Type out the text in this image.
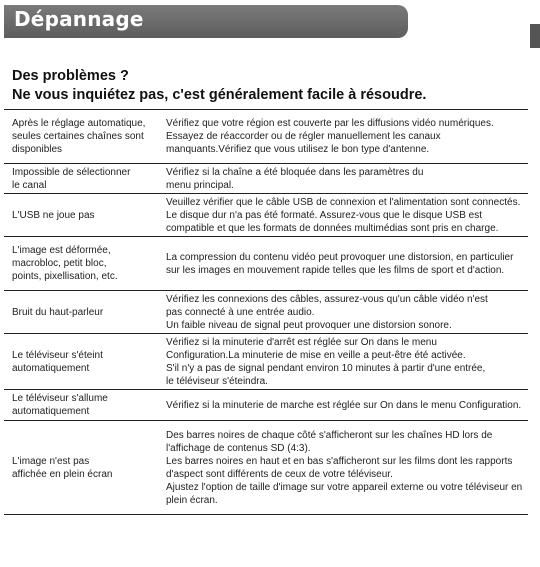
Dépannage
Des problèmes ?
Ne vous inquiétez pas, c'est généralement facile à résoudre.
Après le réglage automatique,
seules certaines chaînes sont
disponibles
Vérifiez que votre région est couverte par les diffusions vidéo numériques.
Essayez de réaccorder ou de régler manuellement les canaux
manquants.Vérifiez que vous utilisez le bon type d'antenne.
Impossible de sélectionner
le canal
Vérifiez si la chaîne a été bloquée dans les paramètres du
menu principal.
L'USB ne joue pas
Veuillez vérifier que le câble USB de connexion et l'alimentation sont connectés.
Le disque dur n'a pas été formaté. Assurez-vous que le disque USB est
compatible et que les formats de données multimédias sont pris en charge.
L'image est déformée,
macrobloc, petit bloc,
points, pixellisation, etc.
La compression du contenu vidéo peut provoquer une distorsion, en particulier
sur les images en mouvement rapide telles que les films de sport et d'action.
Bruit du haut-parleur
Vérifiez les connexions des câbles, assurez-vous qu'un câble vidéo n'est
pas connecté à une entrée audio.
Un faible niveau de signal peut provoquer une distorsion sonore.
Le téléviseur s'éteint
automatiquement
Vérifiez si la minuterie d'arrêt est réglée sur On dans le menu
Configuration.La minuterie de mise en veille a peut-être été activée.
S'il n'y a pas de signal pendant environ 10 minutes à partir d'une entrée,
le téléviseur s'éteindra.
Le téléviseur s'allume
automatiquement
Vérifiez si la minuterie de marche est réglée sur On dans le menu Configuration.
L'image n'est pas
affichée en plein écran
Des barres noires de chaque côté s'afficheront sur les chaînes HD lors de
l'affichage de contenus SD (4:3).
Les barres noires en haut et en bas s'afficheront sur les films dont les rapports
d'aspect sont différents de ceux de votre téléviseur.
Ajustez l'option de taille d'image sur votre appareil externe ou votre téléviseur en
plein écran.
